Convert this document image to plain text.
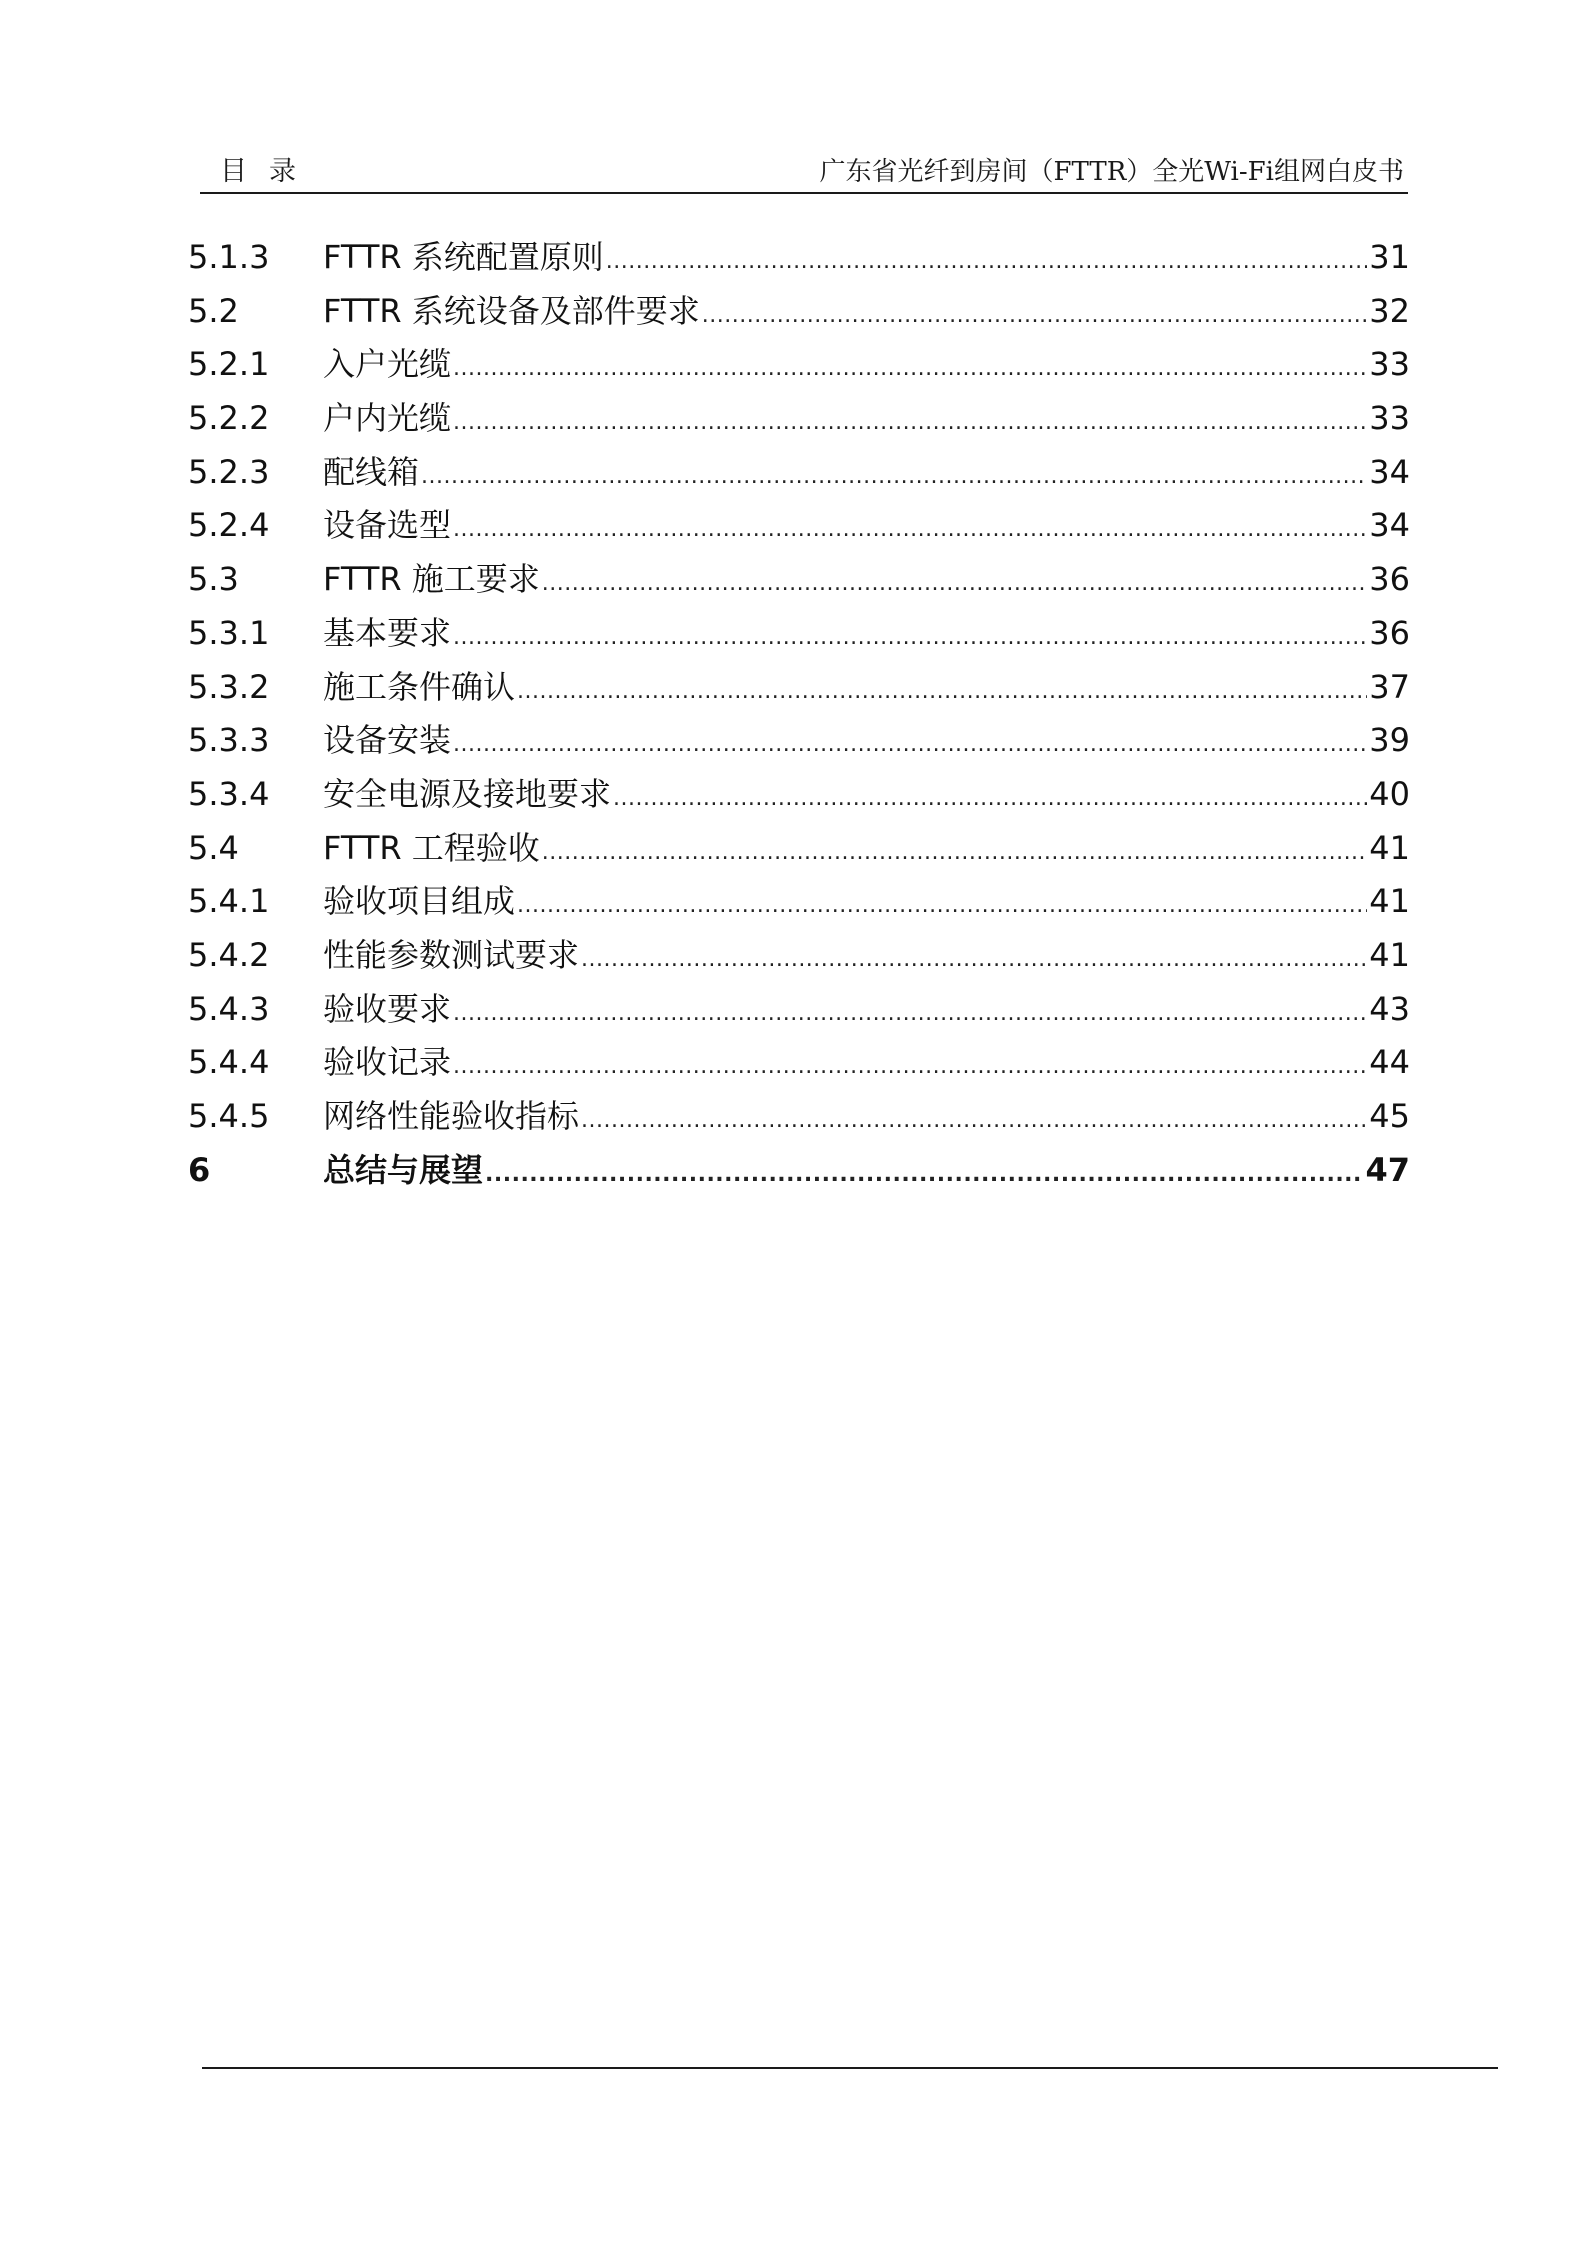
目录	广东省光纤到房间（FTTR）全光Wi-Fi组网白皮书
5.1.3	FTTR 系统配置原则 .....	31
5.2	FTTR 系统设备及部件要求 .....	32
5.2.1	入户光缆 .....	33
5.2.2	户内光缆 .....	33
5.2.3	配线箱 .....	34
5.2.4	设备选型 .....	34
5.3	FTTR 施工要求 .....	36
5.3.1	基本要求 .....	36
5.3.2	施工条件确认 .....	37
5.3.3	设备安装 .....	39
5.3.4	安全电源及接地要求 .....	40
5.4	FTTR 工程验收 .....	41
5.4.1	验收项目组成 .....	41
5.4.2	性能参数测试要求 .....	41
5.4.3	验收要求 .....	43
5.4.4	验收记录 .....	44
5.4.5	网络性能验收指标 .....	45
6	总结与展望 .....	47
